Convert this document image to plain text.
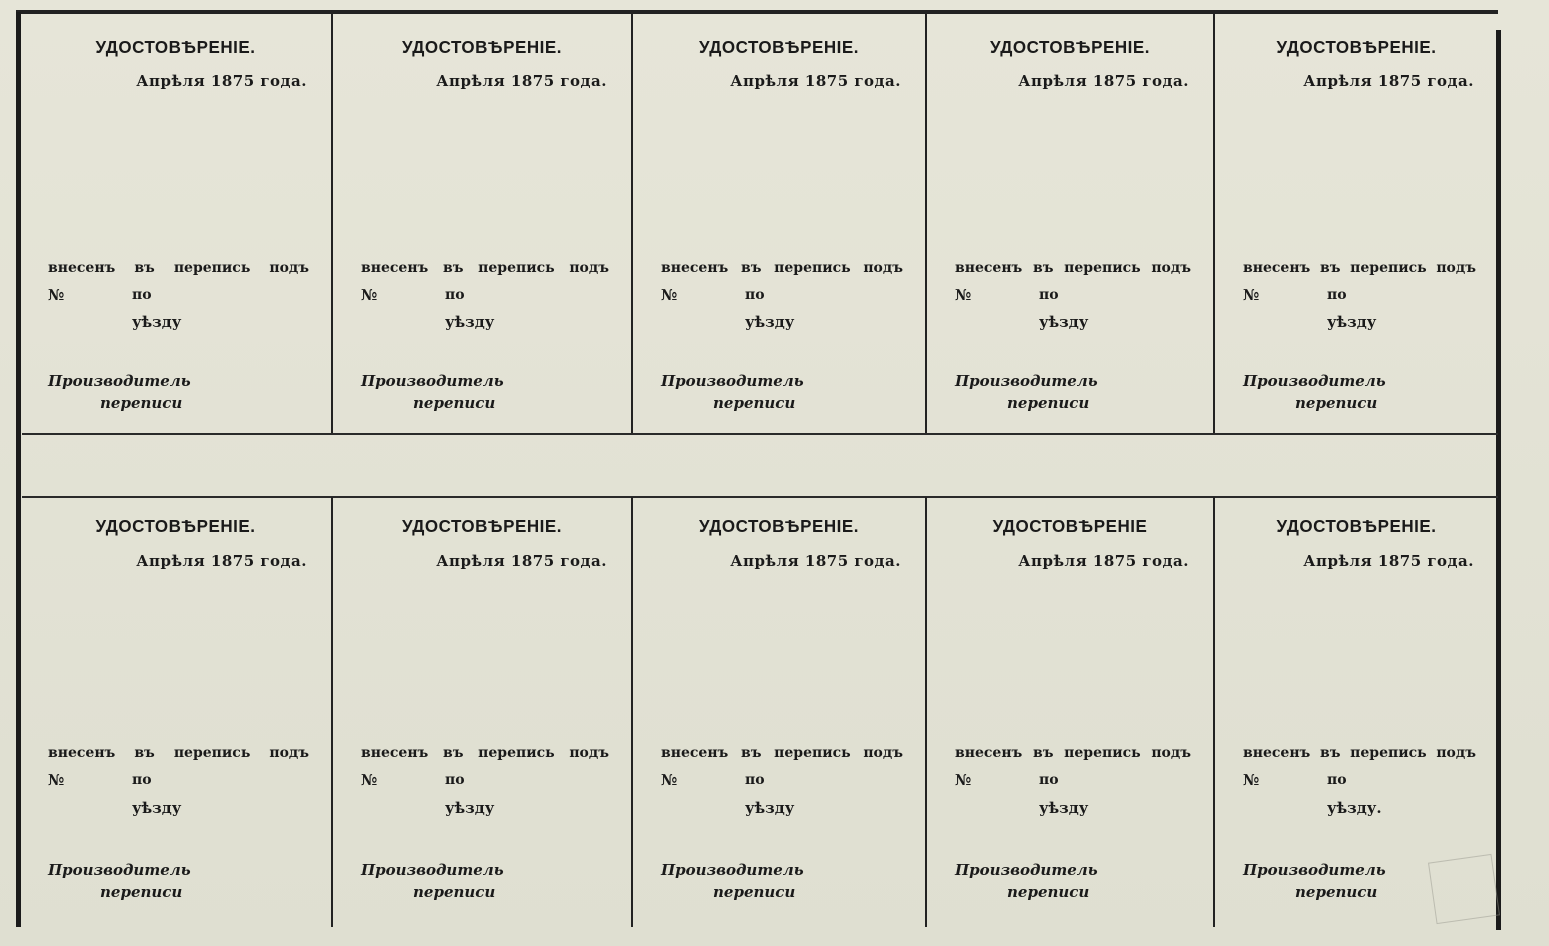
УДОСТОВѢРЕНІЕ.
Апрѣля 1875 года.
внесенъ въ перепись подъ
№	по
уѣзду
Производитель
переписи
УДОСТОВѢРЕНІЕ.
Апрѣля 1875 года.
внесенъ въ перепись подъ
№	по
уѣзду
Производитель
переписи
УДОСТОВѢРЕНІЕ.
Апрѣля 1875 года.
внесенъ въ перепись подъ
№	по
уѣзду
Производитель
переписи
УДОСТОВѢРЕНІЕ.
Апрѣля 1875 года.
внесенъ въ перепись подъ
№	по
уѣзду
Производитель
переписи
УДОСТОВѢРЕНІЕ.
Апрѣля 1875 года.
внесенъ въ перепись подъ
№	по
уѣзду
Производитель
переписи
УДОСТОВѢРЕНІЕ.
Апрѣля 1875 года.
внесенъ въ перепись подъ
№	по
уѣзду
Производитель
переписи
УДОСТОВѢРЕНІЕ.
Апрѣля 1875 года.
внесенъ въ перепись подъ
№	по
уѣзду
Производитель
переписи
УДОСТОВѢРЕНІЕ.
Апрѣля 1875 года.
внесенъ въ перепись подъ
№	по
уѣзду
Производитель
переписи
УДОСТОВѢРЕНІЕ
Апрѣля 1875 года.
внесенъ въ перепись подъ
№	по
уѣзду
Производитель
переписи
УДОСТОВѢРЕНІЕ.
Апрѣля 1875 года.
внесенъ въ перепись подъ
№	по
уѣзду.
Производитель
переписи
